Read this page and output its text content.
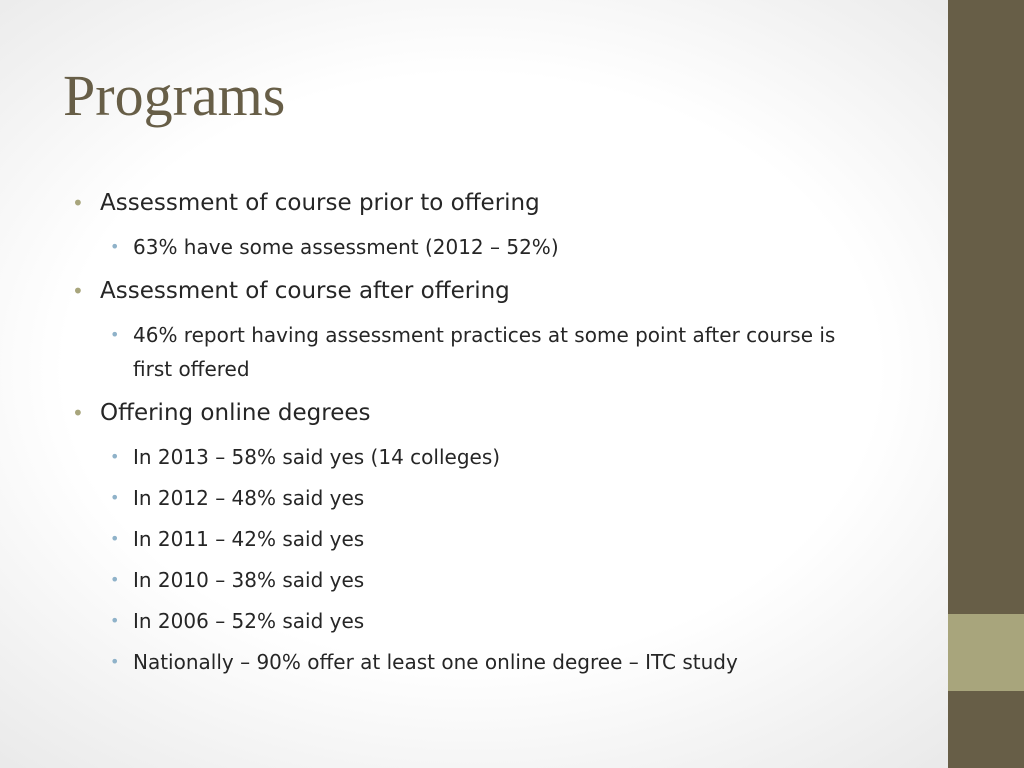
Programs
• Assessment of course prior to offering
• 63% have some assessment (2012 – 52%)
• Assessment of course after offering
• 46% report having assessment practices at some point after course is first offered
• Offering online degrees
• In 2013 – 58% said yes (14 colleges)
• In 2012 – 48% said yes
• In 2011 – 42% said yes
• In 2010 – 38% said yes
• In 2006 – 52% said yes
• Nationally – 90% offer at least one online degree – ITC study
